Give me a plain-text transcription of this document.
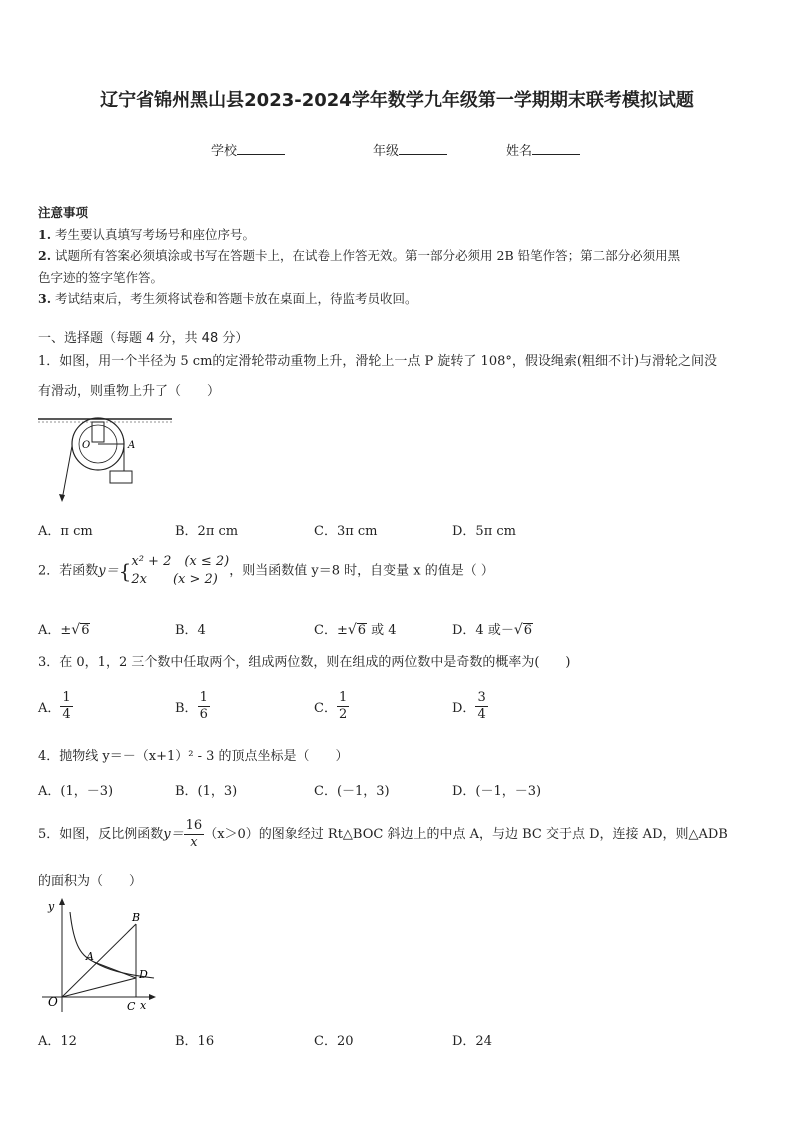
辽宁省锦州黑山县2023-2024学年数学九年级第一学期期末联考模拟试题
学校	年级	姓名
注意事项
1. 考生要认真填写考场号和座位序号。
2. 试题所有答案必须填涂或书写在答题卡上，在试卷上作答无效。第一部分必须用 2B 铅笔作答；第二部分必须用黑
色字迹的签字笔作答。
3. 考试结束后，考生须将试卷和答题卡放在桌面上，待监考员收回。
一、选择题（每题 4 分，共 48 分）
1．如图，用一个半径为 5 cm的定滑轮带动重物上升，滑轮上一点 P 旋转了 108°，假设绳索(粗细不计)与滑轮之间没
有滑动，则重物上升了（　　）
O	A
A．π cm	B．2π cm	C．3π cm	D．5π cm
2．若函数y＝{ x² + 2　(x ≤ 2)
2x　　(x > 2)
，则当函数值 y＝8 时，自变量 x 的值是（ ）
A．±√6	B．4	C．±√6 或 4	D．4 或－√6
3．在 0，1，2 三个数中任取两个，组成两位数，则在组成的两位数中是奇数的概率为(　　)
A． $\frac{1}{4}$	B． $\frac{1}{6}$	C． $\frac{1}{2}$	D． $\frac{3}{4}$
4．抛物线 y＝－（x+1）² - 3 的顶点坐标是（　　）
A．(1，－3)	B．(1，3)	C．(－1，3)	D．(－1，－3)
5．如图，反比例函数$y= \frac{16}{x} (x>0)$的图象经过 Rt△BOC 斜边上的中点 A，与边 BC 交于点 D，连接 AD，则△ADB
的面积为（　　）
y
x
O
A
B
C
D
A．12	B．16	C．20	D．24
